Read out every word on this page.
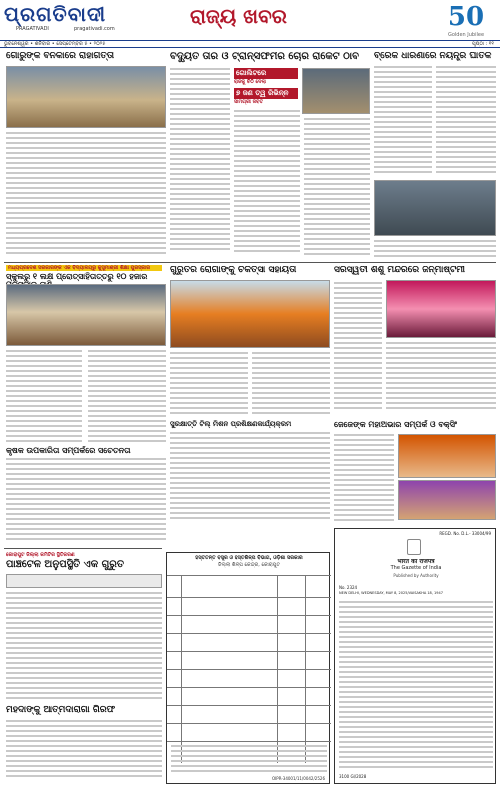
ପ୍ରଗତିବାଦୀ
PRAGATIVADI	pragativadi.com
ରାଜ୍ୟ ଖବର	50
Golden Jubilee
ଭୁବନେଶ୍ୱର • ଶନିବାର • ସେପ୍ଟେମ୍ବର ୫ • ୨୦୨୫	ପୃଷ୍ଠା : ୧୧
ଗୋରୁଙ୍କ ବନକାରେ ରାହାଗତ୍ତା	ବିଦ୍ୟୁତ ତାର ଓ ଟ୍ରାନ୍ସଫର୍ମର ଚୋରି ରାକେଟ ଠାବ
ଗୋଲିଟରେ
ରାଜକୁ ଚିଠି ଦେଲା
୭ ଜଣ ତ୍ୱ ରିଭିନ୍ନ
ସାମଗ୍ରୀ ଜବତ
ବ୍ରେକ ଧାରଣାରେ ନିୟନ୍ତ୍ର ଘାତକ
ମଧ୍ୟପ୍ରଦେଶ ସରକାରଙ୍କ ଏକ ବିଦ୍ୟାଳୟରୁ କୁସୁମାଶ୍ରୀ ଶିକ୍ଷା ପୁରସ୍କାର
ସ୍କୁଲରୁ ୧ ଲକ୍ଷ ପ୍ରୋତ୍ସାହିତାତ୍ତରୁ ୧୦ ହଜାର
ଗୁରୁତର ରୋଗାଙ୍କୁ ଚିକିତ୍ସା ସହାୟତା	ସରସ୍ୱତୀ ଶିଶୁ ମନ୍ଦିରରେ ଜନ୍ମାଷ୍ଟମୀ
ସୁରକ୍ଷାତ୍ତି ଟିଲ୍ ମିଶନ ପ୍ରଶିକ୍ଷଣକାର୍ଯ୍ୟକ୍ରମ	ଜେଜେଙ୍କ ମହାଅଭାର ସମ୍ପର୍କ ଓ ବକ୍ସିଂ
କୃଷକ ଉପକାରିତା ସମ୍ପର୍କରେ ସଚେତନତା
କୋରାପୁଟ ଜିଲ୍ଲା କମିଟିର ସ୍ଥିତିକରଣ
ପାଞ୍ଚଟେଳ ଅନୁପସ୍ଥିତି ଏକ ଗୁରୁତ
ମହଦାଙ୍କୁ ଆତ୍ମଦାରାଗା ଗିରଫ
ହସ୍ତତନ୍ତ ବସ୍ତ୍ର ଓ ହସ୍ତଶିଳ୍ପ ବିଭାଗ, ଓଡ଼ିଶା ସରକାର
ଜିଲ୍ଲା ଶିଳ୍ପ କେନ୍ଦ୍ର, କୋରାପୁଟ
OIPR-34001/11/0042/2526
REGD. No. D.L.- 33004/99
भारत का राजपत्र
The Gazette of India
Published by Authority
No. 2324
NEW DELHI, WEDNESDAY, MAY 8, 2025/VAISAKHA 18, 1947
3100 GI/2028
